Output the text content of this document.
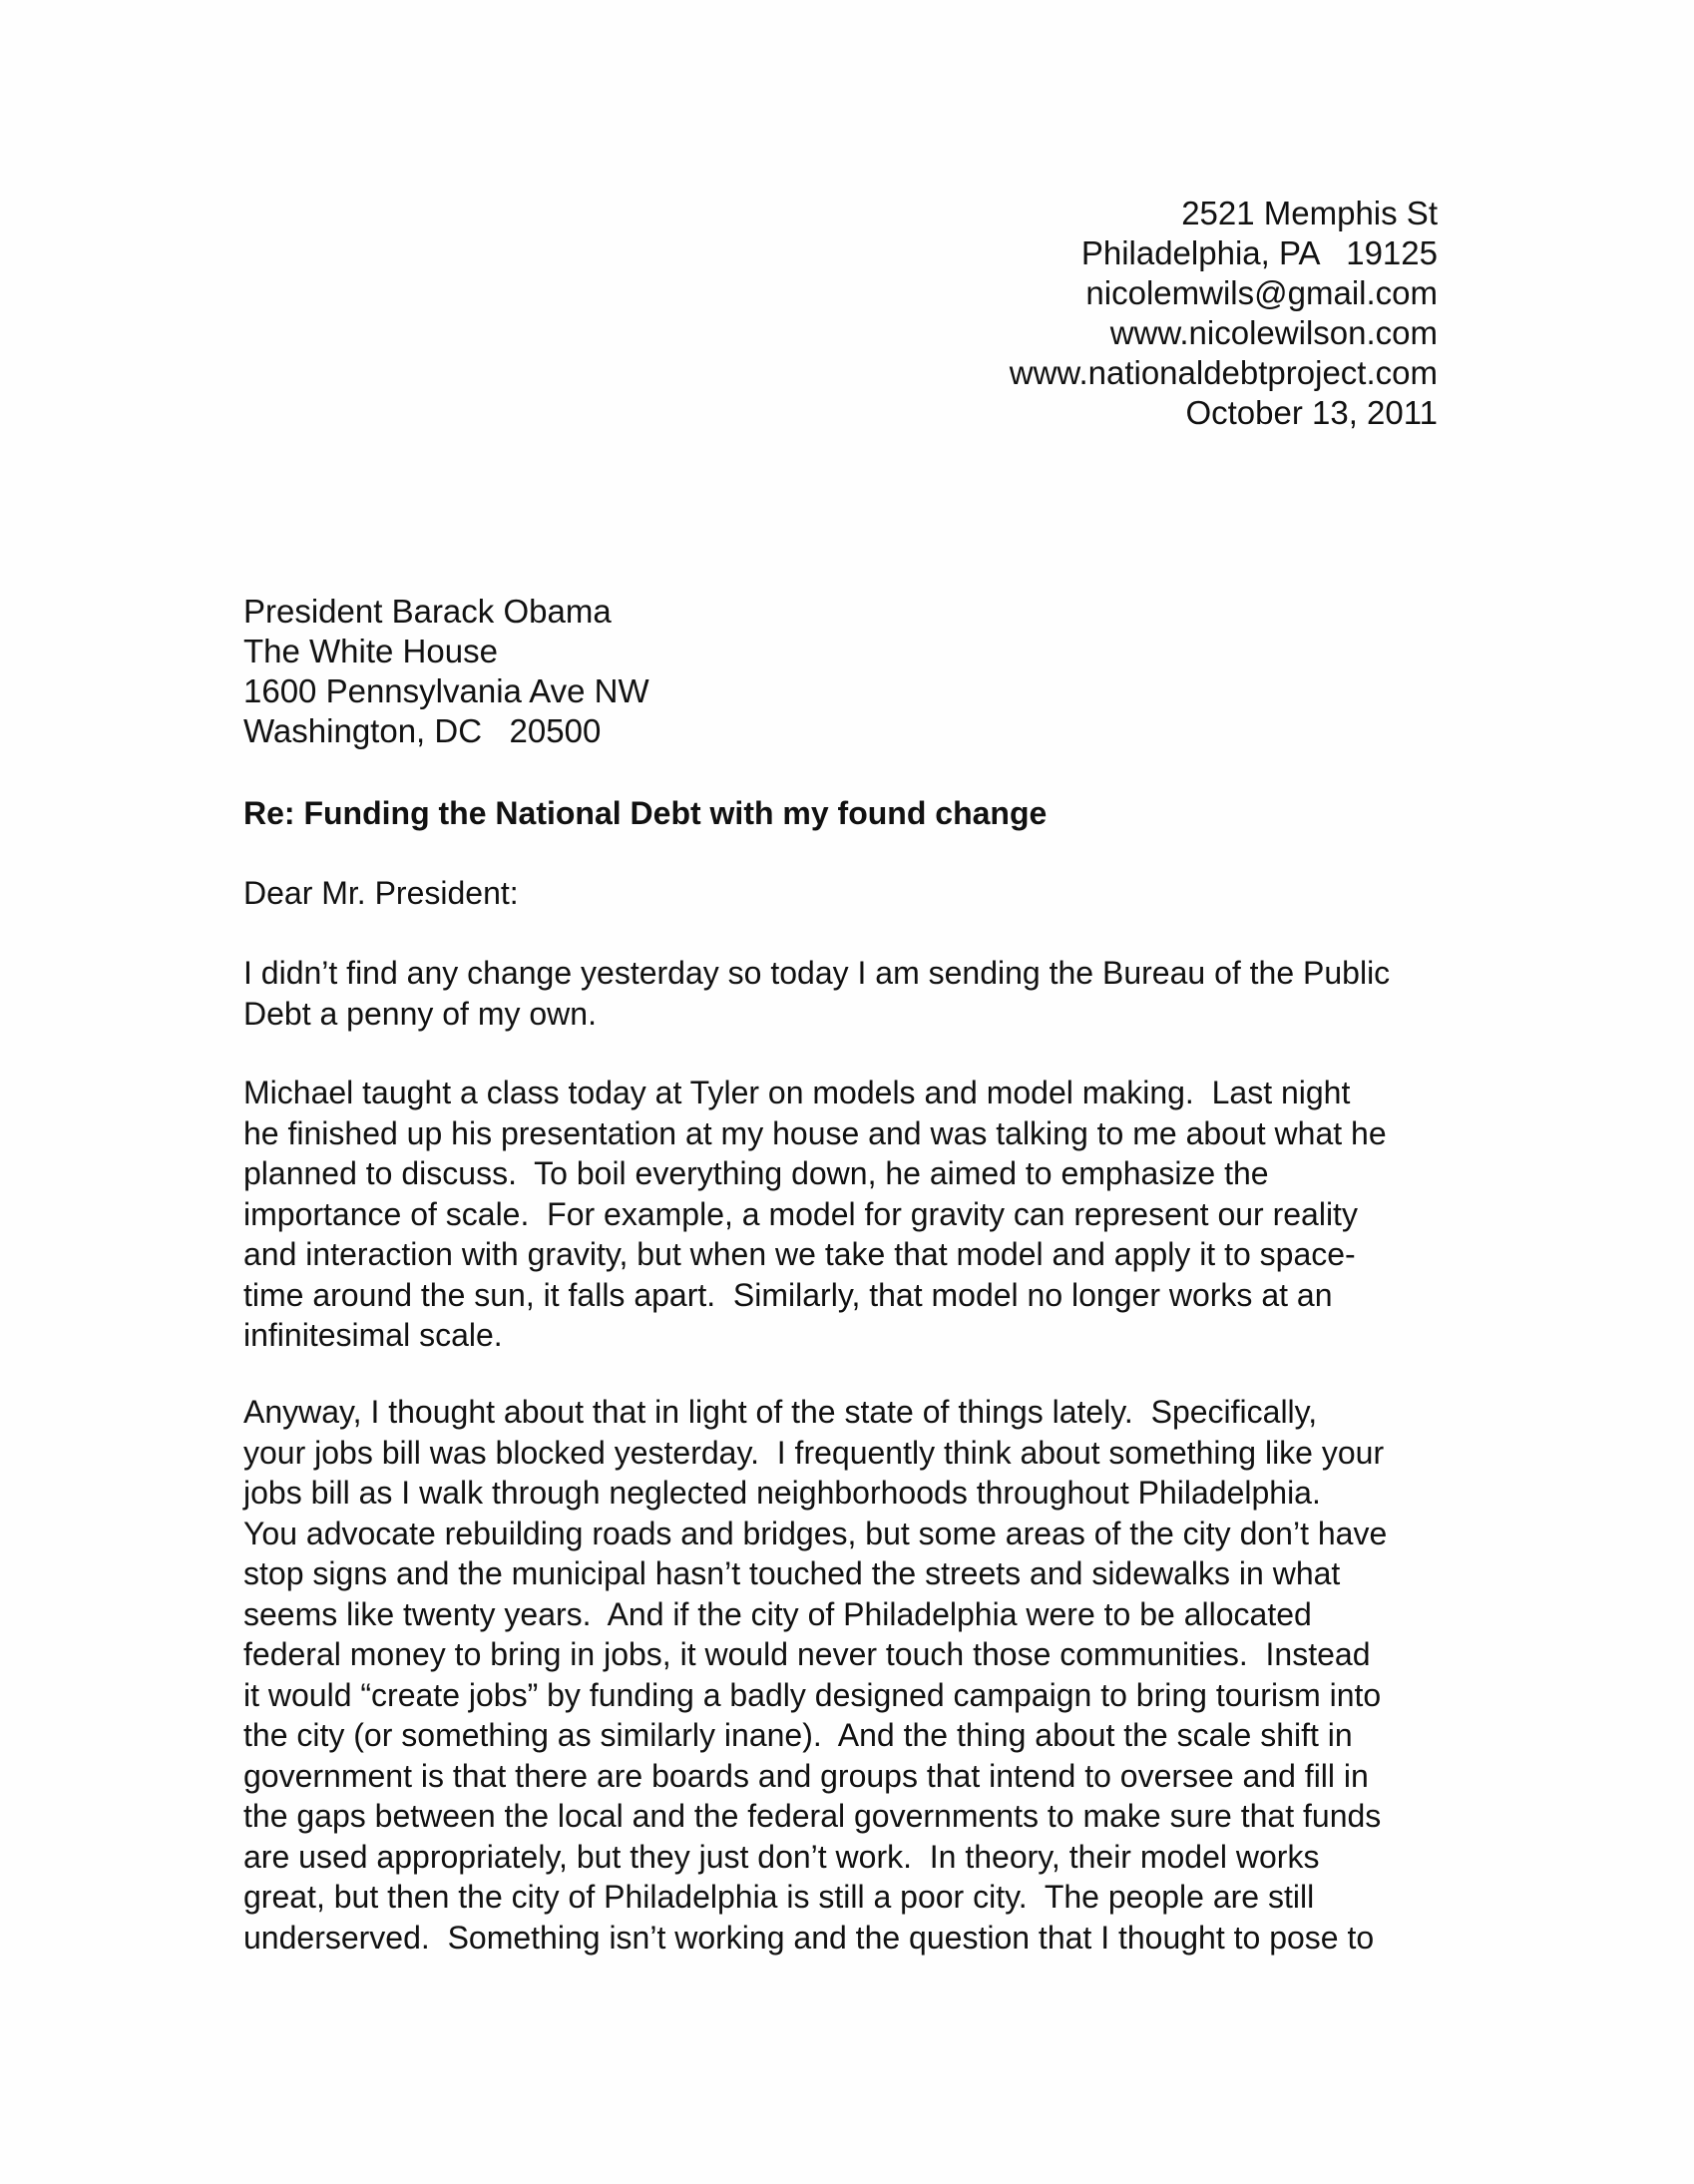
2521 Memphis St
Philadelphia, PA   19125
nicolemwils@gmail.com
www.nicolewilson.com
www.nationaldebtproject.com
October 13, 2011
President Barack Obama
The White House
1600 Pennsylvania Ave NW
Washington, DC   20500
Re: Funding the National Debt with my found change
Dear Mr. President:
I didn’t find any change yesterday so today I am sending the Bureau of the Public
Debt a penny of my own.
Michael taught a class today at Tyler on models and model making.  Last night
he finished up his presentation at my house and was talking to me about what he
planned to discuss.  To boil everything down, he aimed to emphasize the
importance of scale.  For example, a model for gravity can represent our reality
and interaction with gravity, but when we take that model and apply it to space-
time around the sun, it falls apart.  Similarly, that model no longer works at an
infinitesimal scale.
Anyway, I thought about that in light of the state of things lately.  Specifically,
your jobs bill was blocked yesterday.  I frequently think about something like your
jobs bill as I walk through neglected neighborhoods throughout Philadelphia.
You advocate rebuilding roads and bridges, but some areas of the city don’t have
stop signs and the municipal hasn’t touched the streets and sidewalks in what
seems like twenty years.  And if the city of Philadelphia were to be allocated
federal money to bring in jobs, it would never touch those communities.  Instead
it would “create jobs” by funding a badly designed campaign to bring tourism into
the city (or something as similarly inane).  And the thing about the scale shift in
government is that there are boards and groups that intend to oversee and fill in
the gaps between the local and the federal governments to make sure that funds
are used appropriately, but they just don’t work.  In theory, their model works
great, but then the city of Philadelphia is still a poor city.  The people are still
underserved.  Something isn’t working and the question that I thought to pose to
